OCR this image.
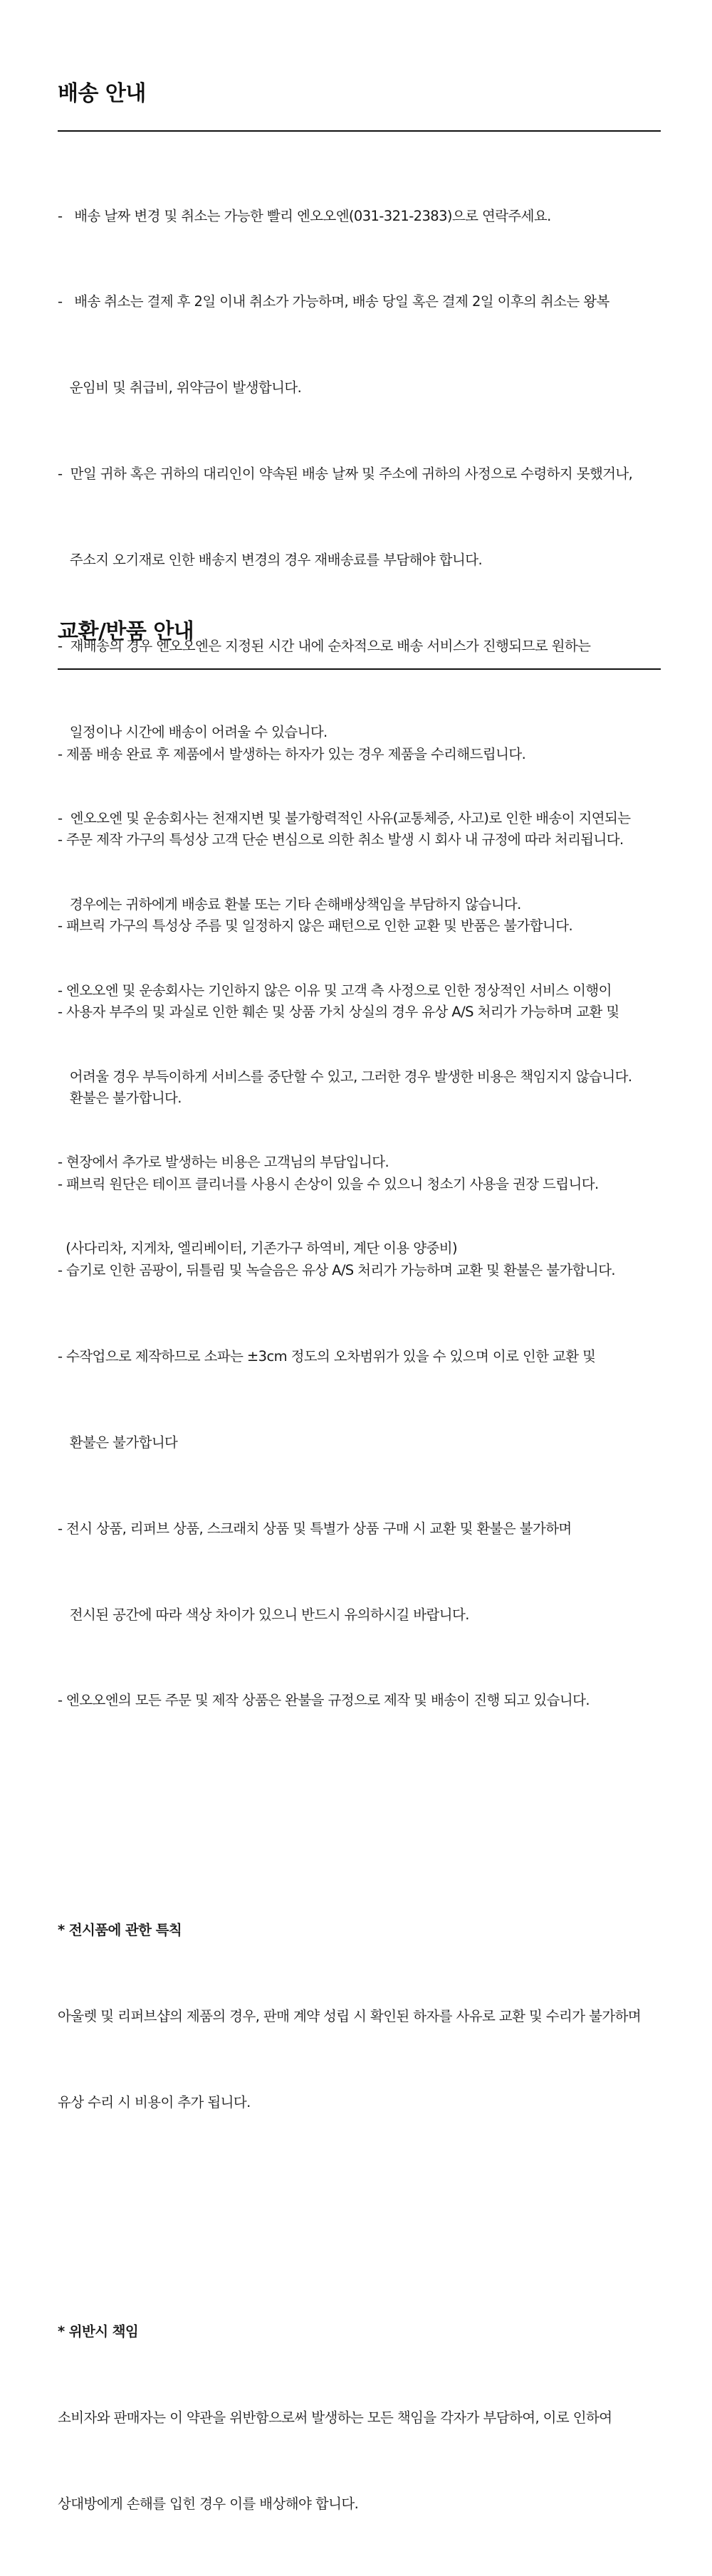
배송 안내

-   배송 날짜 변경 및 취소는 가능한 빨리 엔오오엔(031-321-2383)으로 연락주세요.

-   배송 취소는 결제 후 2일 이내 취소가 가능하며, 배송 당일 혹은 결제 2일 이후의 취소는 왕복

운임비 및 취급비, 위약금이 발생합니다.

-  만일 귀하 혹은 귀하의 대리인이 약속된 배송 날짜 및 주소에 귀하의 사정으로 수령하지 못했거나,

주소지 오기재로 인한 배송지 변경의 경우 재배송료를 부담해야 합니다.

-  재배송의 경우 엔오오엔은 지정된 시간 내에 순차적으로 배송 서비스가 진행되므로 원하는

일정이나 시간에 배송이 어려울 수 있습니다.

-  엔오오엔 및 운송회사는 천재지변 및 불가항력적인 사유(교통체증, 사고)로 인한 배송이 지연되는

경우에는 귀하에게 배송료 환불 또는 기타 손해배상책임을 부담하지 않습니다.

- 엔오오엔 및 운송회사는 기인하지 않은 이유 및 고객 측 사정으로 인한 정상적인 서비스 이행이

어려울 경우 부득이하게 서비스를 중단할 수 있고, 그러한 경우 발생한 비용은 책임지지 않습니다.

- 현장에서 추가로 발생하는 비용은 고객님의 부담입니다.

(사다리차, 지게차, 엘리베이터, 기존가구 하역비, 계단 이용 양중비)

교환/반품 안내

- 제품 배송 완료 후 제품에서 발생하는 하자가 있는 경우 제품을 수리해드립니다.

- 주문 제작 가구의 특성상 고객 단순 변심으로 의한 취소 발생 시 회사 내 규정에 따라 처리됩니다.

- 패브릭 가구의 특성상 주름 및 일정하지 않은 패턴으로 인한 교환 및 반품은 불가합니다.

- 사용자 부주의 및 과실로 인한 훼손 및 상품 가치 상실의 경우 유상 A/S 처리가 가능하며 교환 및

환불은 불가합니다.

- 패브릭 원단은 테이프 클리너를 사용시 손상이 있을 수 있으니 청소기 사용을 권장 드립니다.

- 습기로 인한 곰팡이, 뒤틀림 및 녹슬음은 유상 A/S 처리가 가능하며 교환 및 환불은 불가합니다.

- 수작업으로 제작하므로 소파는 ±3cm 정도의 오차범위가 있을 수 있으며 이로 인한 교환 및

환불은 불가합니다

- 전시 상품, 리퍼브 상품, 스크래치 상품 및 특별가 상품 구매 시 교환 및 환불은 불가하며

전시된 공간에 따라 색상 차이가 있으니 반드시 유의하시길 바랍니다.

- 엔오오엔의 모든 주문 및 제작 상품은 완불을 규정으로 제작 및 배송이 진행 되고 있습니다.

* 전시품에 관한 특칙

아울렛 및 리퍼브샵의 제품의 경우, 판매 계약 성립 시 확인된 하자를 사유로 교환 및 수리가 불가하며

유상 수리 시 비용이 추가 됩니다.

* 위반시 책임

소비자와 판매자는 이 약관을 위반함으로써 발생하는 모든 책임을 각자가 부담하여, 이로 인하여

상대방에게 손해를 입힌 경우 이를 배상해야 합니다.
